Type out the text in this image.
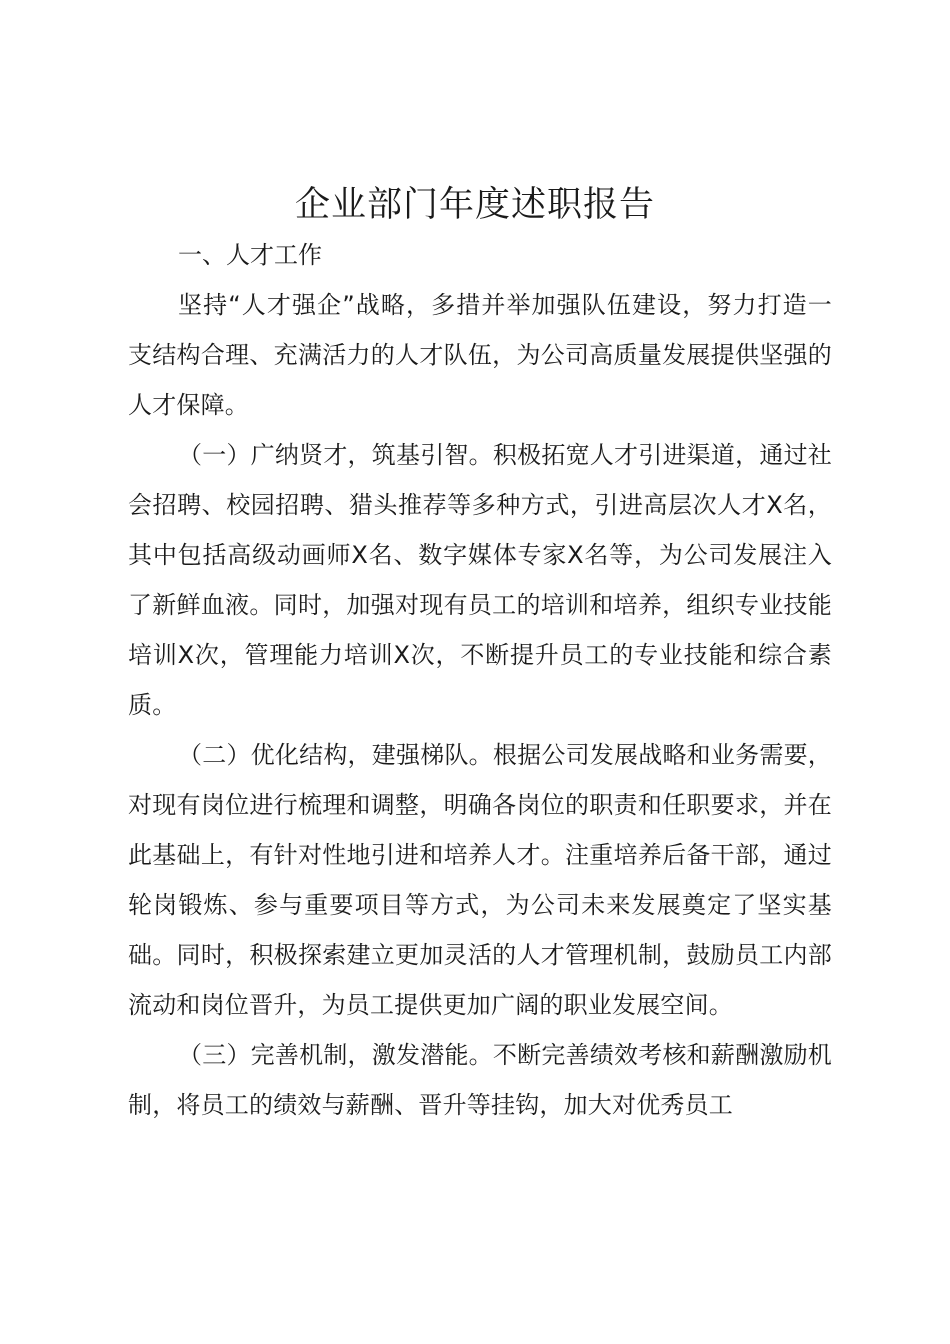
企业部门年度述职报告

一、人才工作

坚持“人才强企”战略，多措并举加强队伍建设，努力打造一支结构合理、充满活力的人才队伍，为公司高质量发展提供坚强的人才保障。

（一）广纳贤才，筑基引智。积极拓宽人才引进渠道，通过社会招聘、校园招聘、猎头推荐等多种方式，引进高层次人才X名，其中包括高级动画师X名、数字媒体专家X名等，为公司发展注入了新鲜血液。同时，加强对现有员工的培训和培养，组织专业技能培训X次，管理能力培训X次，不断提升员工的专业技能和综合素质。

（二）优化结构，建强梯队。根据公司发展战略和业务需要，对现有岗位进行梳理和调整，明确各岗位的职责和任职要求，并在此基础上，有针对性地引进和培养人才。注重培养后备干部，通过轮岗锻炼、参与重要项目等方式，为公司未来发展奠定了坚实基础。同时，积极探索建立更加灵活的人才管理机制，鼓励员工内部流动和岗位晋升，为员工提供更加广阔的职业发展空间。

（三）完善机制，激发潜能。不断完善绩效考核和薪酬激励机制，将员工的绩效与薪酬、晋升等挂钩，加大对优秀员工
